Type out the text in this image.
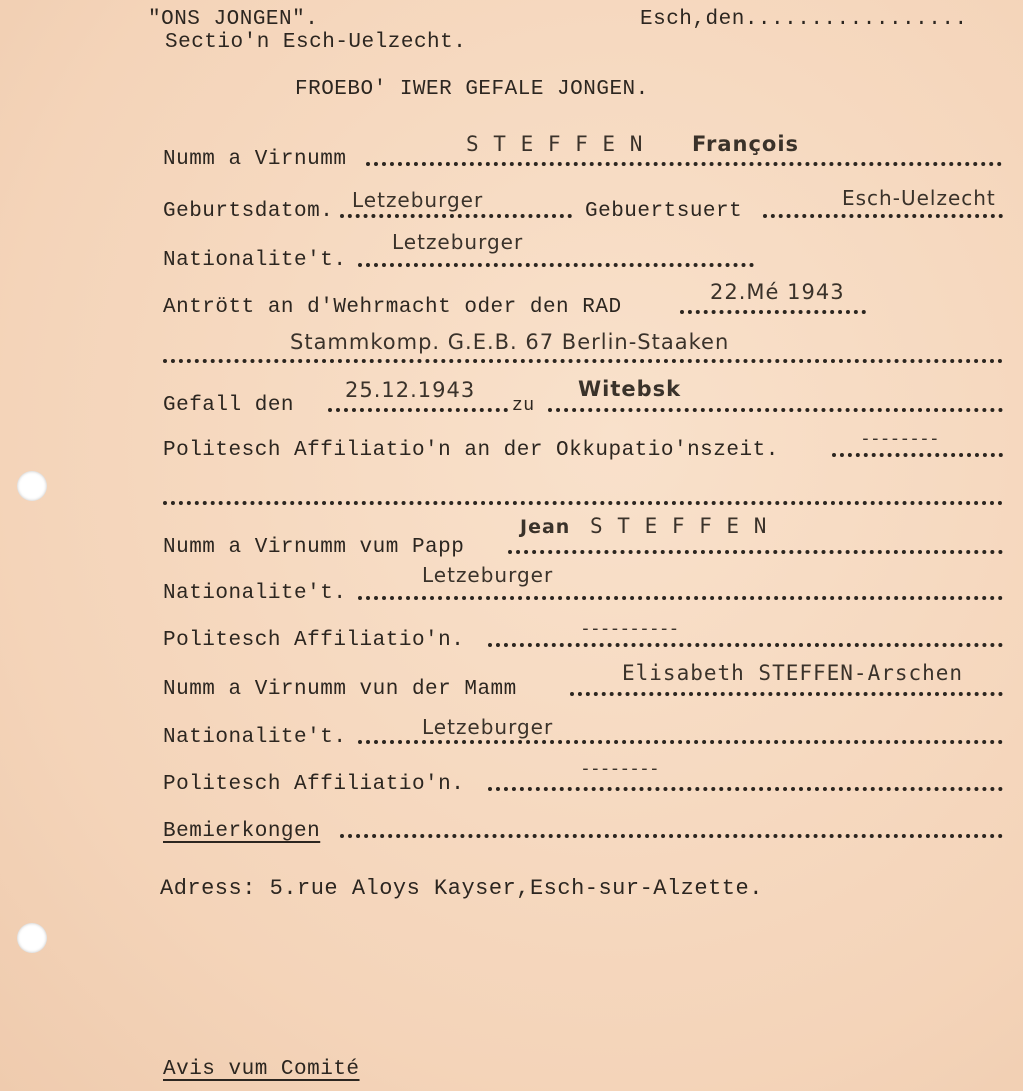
"ONS JONGEN".
Sectio'n Esch-Uelzecht.
Esch,den.................
FROEBO' IWER GEFALE JONGEN.
Numm a Virnumm
S T E F F E N François
Geburtsdatom. Letzeburger	Gebuertsuert
Esch-Uelzecht
Nationalite't.
Letzeburger
Antrött an d'Wehrmacht oder den RAD
22.Mé 1943
Stammkomp. G.E.B. 67 Berlin-Staaken
Gefall den
25.12.1943
zu
Witebsk
Politesch Affiliatio'n an der Okkupatio'nszeit.
--------
Numm a Virnumm vum Papp
Jean S T E F F E N
Nationalite't.
Letzeburger
Politesch Affiliatio'n.
----------
Numm a Virnumm vun der Mamm
Elisabeth STEFFEN-Arschen
Nationalite't.	Letzeburger
Politesch Affiliatio'n.
--------
Bemierkongen
Adress: 5.rue Aloys Kayser,Esch-sur-Alzette.
Avis vum Comité
